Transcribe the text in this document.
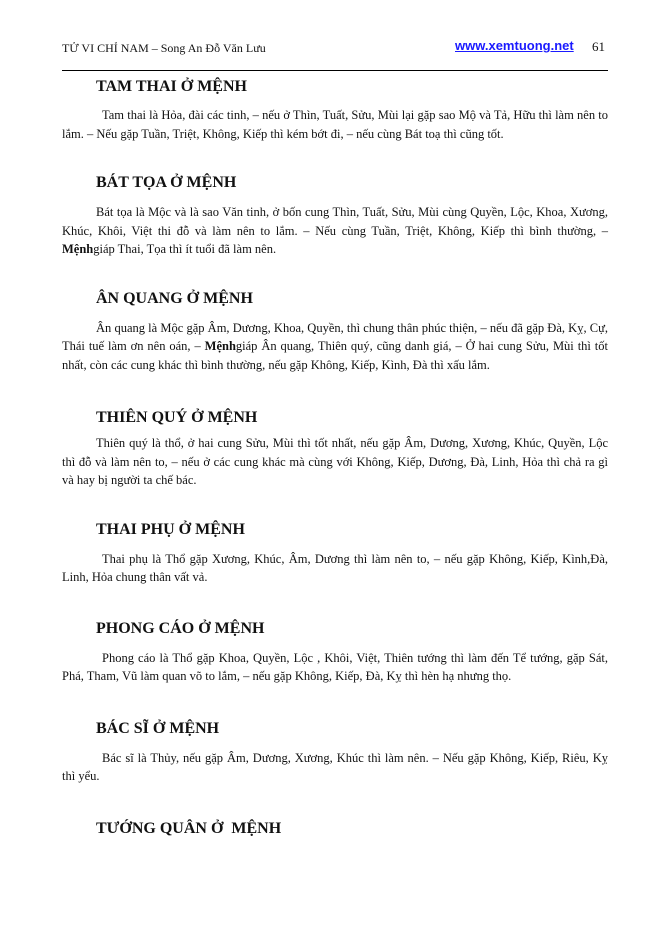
TỬ VI CHỈ NAM – Song An Đỗ Văn Lưu	www.xemtuong.net 61
TAM THAI Ở MỆNH

Tam thai là Hỏa, đài các tinh, – nếu ở Thìn, Tuất, Sửu, Mùi lại gặp sao Mộ và Tả, Hữu thì làm nên to lắm. – Nếu gặp Tuần, Triệt, Không, Kiếp thì kém bớt đi, – nếu cùng Bát toạ thì cũng tốt.

BÁT TỌA Ở MỆNH

Bát tọa là Mộc và là sao Văn tinh, ở bốn cung Thìn, Tuất, Sửu, Mùi cùng Quyền, Lộc, Khoa, Xương, Khúc, Khôi, Việt thi đỗ và làm nên to lắm. – Nếu cùng Tuần, Triệt, Không, Kiếp thì bình thường, – Mệnhgiáp Thai, Tọa thì ít tuổi đã làm nên.

ÂN QUANG Ở MỆNH

Ân quang là Mộc gặp Âm, Dương, Khoa, Quyền, thì chung thân phúc thiện, – nếu đã gặp Đà, Kỵ, Cự, Thái tuế làm ơn nên oán, – Mệnhgiáp Ân quang, Thiên quý, cũng danh giá, – Ở hai cung Sửu, Mùi thì tốt nhất, còn các cung khác thì bình thường, nếu gặp Không, Kiếp, Kình, Đà thì xấu lắm.

THIÊN QUÝ Ở MỆNH

Thiên quý là thổ, ở hai cung Sửu, Mùi thì tốt nhất, nếu gặp Âm, Dương, Xương, Khúc, Quyền, Lộc thì đỗ và làm nên to, – nếu ở các cung khác mà cùng với Không, Kiếp, Dương, Đà, Linh, Hỏa thì chả ra gì và hay bị người ta chế bác.

THAI PHỤ Ở MỆNH

Thai phụ là Thổ gặp Xương, Khúc, Âm, Dương thì làm nên to, – nếu gặp Không, Kiếp, Kình,Đà, Linh, Hỏa chung thân vất vả.

PHONG CÁO Ở MỆNH

Phong cáo là Thổ gặp Khoa, Quyền, Lộc , Khôi, Việt, Thiên tướng thì làm đến Tể tướng, gặp Sát, Phá, Tham, Vũ làm quan võ to lắm, – nếu gặp Không, Kiếp, Đà, Kỵ thì hèn hạ nhưng thọ.

BÁC SĨ Ở MỆNH

Bác sĩ là Thủy, nếu gặp Âm, Dương, Xương, Khúc thì làm nên. – Nếu gặp Không, Kiếp, Riêu, Kỵ thì yểu.

TƯỚNG QUÂN Ở  MỆNH
